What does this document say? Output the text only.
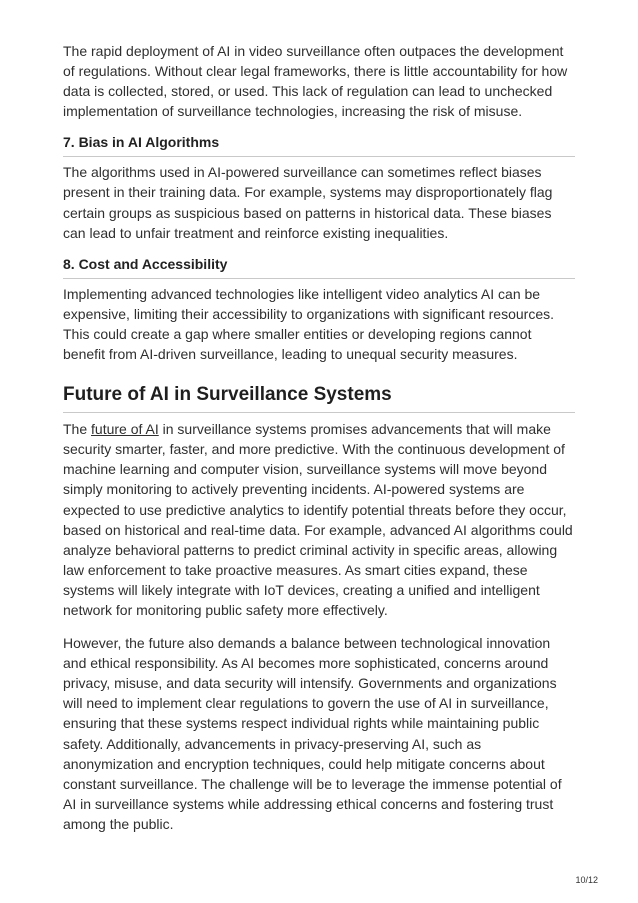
The rapid deployment of AI in video surveillance often outpaces the development of regulations. Without clear legal frameworks, there is little accountability for how data is collected, stored, or used. This lack of regulation can lead to unchecked implementation of surveillance technologies, increasing the risk of misuse.

7. Bias in AI Algorithms

The algorithms used in AI-powered surveillance can sometimes reflect biases present in their training data. For example, systems may disproportionately flag certain groups as suspicious based on patterns in historical data. These biases can lead to unfair treatment and reinforce existing inequalities.

8. Cost and Accessibility

Implementing advanced technologies like intelligent video analytics AI can be expensive, limiting their accessibility to organizations with significant resources. This could create a gap where smaller entities or developing regions cannot benefit from AI-driven surveillance, leading to unequal security measures.

Future of AI in Surveillance Systems

The future of AI in surveillance systems promises advancements that will make security smarter, faster, and more predictive. With the continuous development of machine learning and computer vision, surveillance systems will move beyond simply monitoring to actively preventing incidents. AI-powered systems are expected to use predictive analytics to identify potential threats before they occur, based on historical and real-time data. For example, advanced AI algorithms could analyze behavioral patterns to predict criminal activity in specific areas, allowing law enforcement to take proactive measures. As smart cities expand, these systems will likely integrate with IoT devices, creating a unified and intelligent network for monitoring public safety more effectively.

However, the future also demands a balance between technological innovation and ethical responsibility. As AI becomes more sophisticated, concerns around privacy, misuse, and data security will intensify. Governments and organizations will need to implement clear regulations to govern the use of AI in surveillance, ensuring that these systems respect individual rights while maintaining public safety. Additionally, advancements in privacy-preserving AI, such as anonymization and encryption techniques, could help mitigate concerns about constant surveillance. The challenge will be to leverage the immense potential of AI in surveillance systems while addressing ethical concerns and fostering trust among the public.

10/12
